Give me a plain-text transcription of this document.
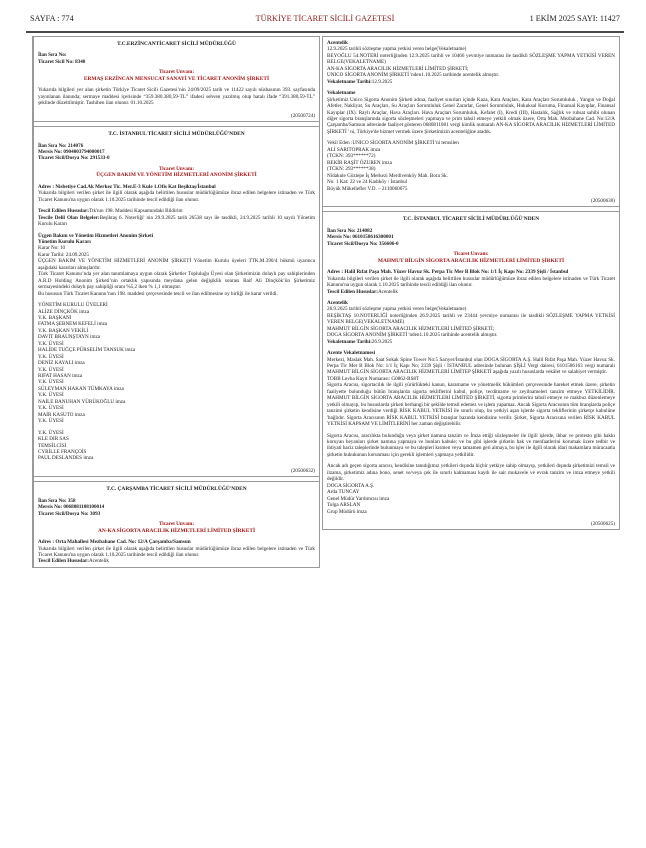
SAYFA : 774	TÜRKİYE TİCARET SİCİLİ GAZETESİ	1 EKİM 2025 SAYI: 11427
T.C.ERZİNCANTİCARET SİCİLİ MÜDÜRLÜĞÜ
İlan Sıra No:
Ticaret Sicil No: 8340
Ticaret Unvanı:
ERMAŞ ERZİNCAN MENSUCAT SANAYİ VE TİCARET ANONİM ŞİRKETİ
Yukarıda bilgileri yer alan şirketin Türkiye Ticaret Sicili Gazetesi’nin 24/09/2025 tarih ve 11422 sayılı nüshasının 393. sayfasında yayınlanan ilanında; sermaye maddesi içerisinde “359.380.380,59-TL” ifadesi sehven yazılmış olup hatalı ifade “391.380,59-TL” şeklinde düzeltilmiştir. Tashihen ilan olunur. 01.10.2025
(20500724)
T.C. İSTANBUL TİCARET SİCİLİ MÜDÜRLÜĞÜ'NDEN
İlan Sıra No: 214076
Mersis No: 0904003794000017
Ticaret Sicil/Dosya No: 291533-0
Ticaret Unvanı:
ÜÇGEN BAKIM VE YÖNETİM HİZMETLERİ ANONİM ŞİRKETİ
Adres : Nisbetiye Cad.Ak Merkez Tic. Mer.E-3 Kule 1.Ofis Kat Beşiktaş/İstanbul
Yukarıda bilgileri verilen şirket ile ilgili olarak aşağıda belirtilen hususlar müdürlüğümüze ibraz edilen belgelere istinaden ve Türk Ticaret Kanunu'na uygun olarak 1.10.2025 tarihinde tescil edildiği ilan olunur.
Tescil Edilen Hususlar:Ttk'nın 198. Maddesi Kapsamındaki Bildirim
Tescile Delil Olan Belgeler:Beşiktaş 6. Noterliği' nin 29.9.2025 tarih 26538 sayı ile tasdikli, 24.9.2025 tarihli 10 sayılı Yönetim Kurulu Kararı
Üçgen Bakım ve Yönetim Hizmetleri Anonim Şirketi
Yönetim Kurulu Kararı
Karar No: 10
Karar Tarihi: 24.09.2025
ÜÇGEN BAKIM VE YÖNETİM HİZMETLERİ ANONİM ŞİRKETİ Yönetim Kurulu üyeleri TTK.M.390/4 hükmü uyarınca aşağıdaki kararları almışlardır.
Türk Ticaret Kanunu’nda yer alan tanımlamaya uygun olarak Şirketler Topluluğu Üyesi olan Şirketimizin dolaylı pay sahiplerinden A.R.D Holding Anonim Şirketi’nin ortaklık yapısında meydana gelen değişiklik sonrası Raif Ali Dinçkök’ün Şirketimiz sermayesindeki dolaylı pay sahipliği oranı %5,2 iken % 1,1 olmuştur.
Bu hususun Türk Ticaret Kanunu’nun 198. maddesi çerçevesinde tescil ve ilan edilmesine oy birliği ile karar verildi.
YÖNETİM KURULU ÜYELERİ
ALİZE DİNÇKÖK imza
Y.K. BAŞKANI
FATMA ŞEBNEM KEFELİ imza
Y.K. BAŞKAN VEKİLİ
DAVİT BRAUNŞTAYN imza
Y.K. ÜYESİ
HALİDE TUĞÇE PÜRSELİM TANSUK imza
Y.K. ÜYESİ
DENİZ KAYALI imza
Y.K. ÜYESİ
RIFAT HASAN imza
Y.K. ÜYESİ
SÜLEYMAN HAKAN TÜMKAYA imza
Y.K. ÜYESİ
NAİLE BANUHAN YÜRÜKOĞLU imza
Y.K. ÜYESİ
MAİR KASUTO imza
Y.K. ÜYESİ
Y.K. ÜYESİ
KLE DIR SAS
TEMSİLCİSİ
CYRİLLE FRANÇOİS
PAUL DESLANDES imza
(20500632)
T.C. ÇARŞAMBA TİCARET SİCİLİ MÜDÜRLÜĞÜ'NDEN
İlan Sıra No: 358
Mersis No: 0068081108100014
Ticaret Sicil/Dosya No: 3093
Ticaret Unvanı:
AN-KA SİGORTA ARACILIK HİZMETLERİ LİMİTED ŞİRKETİ
Adres : Orta Mahallesi Mezbahane Cad. No: 12/A Çarşamba/Samsun
Yukarıda bilgileri verilen şirket ile ilgili olarak aşağıda belirtilen hususlar müdürlüğümüze ibraz edilen belgelere istinaden ve Türk Ticaret Kanunu'na uygun olarak 1.10.2025 tarihinde tescil edildiği ilan olunur.
Tescil Edilen Hususlar:Acentelik
Acentelik
12.9.2025 tarihli sözleşme yapma yetkisi veren belge(Vekaletname)
BEYOĞLU 54.NOTERİ noterliğinden 12.9.2025 tarihli ve 10466 yevmiye numarası ile tasdikli SÖZLEŞME YAPMA YETKİSİ VEREN BELGE(VEKALETNAME)
AN-KA SİGORTA ARACILIK HİZMETLERİ LİMİTED ŞİRKETİ;
UNICO SİGORTA ANONİM ŞİRKETİ 'nden1.10.2025 tarihinde acentelik almıştır.
Vekaletname Tarihi:12.9.2025
Vekaletname
Şirketimiz Unico Sigorta Anonim Şirketi adına, faaliyet sınırları içinde Kaza, Kara Araçları, Kara Araçları Sorumluluk , Yangın ve Doğal Afetler, Nakliyat, Su Araçları, Su Araçları Sorumluluk Genel Zararlar, Genel Sorumluluk, Hukuksal Koruma, Finansal Kayıplar, Finansal Kayıplar (IX). Raylı Araçlar, Hava Araçları. Hava Araçları Sorumluluk, Kefalet (I), Kredi (III), Hastalık, Sağlık ve ruhsat sahibi olunan diğer sigorta branşlarında sigorta sözleşmeleri yapmaya ve prim tahsil etmeye yetkili olmak üzere, Orta Mah. Mezbahane Cad. No:12/A Çarşamba/Samsun adresinde faaliyet gösteren 0680811081 vergi kimlik numaralı AN-KA SİGORTA ARACILIK HİZMETLERİ LİMİTED ŞİRKETİ ' ni, Türkiye'de hizmet vermek üzere Şirketimizin acenteliğine atadık.
Vekil Eden :UNICO SİGORTA ANONİM ŞİRKETİ’ni temsilen
ALİ SARITOPRAK imza
(TCKN: 393******72)
BEKİR RAŞİT ÖZUREN imza
(TCKN: 293******38)
Nidakule Göztepe İş Merkezi Merdivenköy Mah. Bora Sk.
No. 1 Kat: 22 ve 24 Kadıköy / İstanbul
Büyük Mükellefler V.D. – 2110060675
(20500630)
T.C. İSTANBUL TİCARET SİCİLİ MÜDÜRLÜĞÜ'NDEN
İlan Sıra No: 214082
Mersis No: 0610158616300001
Ticaret Sicil/Dosya No: 356606-0
Ticaret Unvanı:
MAHMUT BİLGİN SİGORTA ARACILIK HİZMETLERİ LİMİTED ŞİRKETİ
Adres : Halil Rıfat Paşa Mah. Yüzer Havuz Sk. Perpa Tic Mer B Blok No: 1/1 İç Kapı No: 2339 Şişli / İstanbul
Yukarıda bilgileri verilen şirket ile ilgili olarak aşağıda belirtilen hususlar müdürlüğümüze ibraz edilen belgelere istinaden ve Türk Ticaret Kanunu'na uygun olarak 1.10.2025 tarihinde tescil edildiği ilan olunur.
Tescil Edilen Hususlar:Acentelik
Acentelik
26.9.2025 tarihli sözleşme yapma yetkisi veren belge(Vekaletname)
BEŞİKTAŞ 10.NOTERLİĞİ noterliğinden 26.9.2025 tarihli ve 23444 yevmiye numarası ile tasdikli SÖZLEŞME YAPMA YETKİSİ VEREN BELGE(VEKALETNAME)
MAHMUT BİLGİN SİGORTA ARACILIK HİZMETLERİ LİMİTED ŞİRKETİ;
DOGA SİGORTA ANONİM ŞİRKETİ 'nden1.10.2025 tarihinde acentelik almıştır.
Vekaletname Tarihi:26.9.2025
Acente Vekaletnamesi
Merkezi, Maslak Mah. Saat Sokak Spine Tower No:5 Sarıyer/İstanbul olan DOGA SİGORTA A.Ş. Halil Rıfat Paşa Mah. Yüzer Havuz Sk. Perpa Tic Mer B Blok No: 1/1 İç Kapı No; 2339 Şişli / İSTANBUL adresinde bulunan ŞİŞLİ Vergi dairesi, 6101586163 vergi numaralı MAHMUT BİLGİN SİGORTA ARACILIK HİZMETLERİ LİMİTEP ŞİRKETİ aşağıda yazılı hususlarda vekâlet ve salahiyet vermiştir.
TOBB Levha Kayıt Numarası: G0862-RS8T
Sigorta Aracısı, sigortacılık ile ilgili yürürlükteki kanun, kararname ve yönetmelik hükümleri çerçevesinde hareket etmek üzere, şirketin faaliyette bulunduğu bütün branşlarda sigorta tekliflerini kabul, poliçe, tecditname ve zeyilnameleri tanzim etmeye YETKİLİDİR. MAHMUT BİLGİN SİGORTA ARACILIK HİZMETLERİ LİMİTED ŞİRKETİ, sigorta primlerini tahsil etmeye ve makbuz düzenlemeye yetkili olmayıp, bu hususlarda şirketi herhangi bir şekilde temsil edemez ve işlem yapamaz. Ancak Sigorta Aracısının tüm branşlarda poliçe tanzimi şirketin kendisine verdiği RİSK KABUL YETKİSİ ile sınırlı olup, bu yetkiyi aşan işlerde sigorta tekliflerinin şirketçe kabulüne 'bağlıdır. Sigorta Aracısının RİSK KABUL YETKİSİ branşlar bazında kendisine verilir. Şirket, Sigorta Aracısına verilen RİSK KABUL YETKİSİ KAPSAM VE LİMİTLERİNİ her zaman değiştirebilir.
Sigorta Aracısı, aracılıkta bulunduğu veya şirket namına tanzim ve İmza ettiği sözleşmeler ile ilgili işlerde, ihbar ve protesto gibi hakkı koruyan beyanları şirket namına yapmaya ve bunları kabule; ve bu gibi işlerde şirketin hak ve menfaatlerini korumak üzere tedbir ve ihtiyati haciz taleplerinde bulunmaya ve bu talepleri kısmen veya tamamen geri almaya, bu işler ile ilgili olarak idari makamlara müracaatla şirketin hukukunun korunması için gerekli işlemleri yapmaya yetkilidir.
Ancak adı geçen sigorta aracısı, kendisine tanıdığımız yetkileri dışında hiçbir yetkiye sahip olmayıp, yetkileri dışında şirketimizi temsil ve ilzama, şirketimiz adına bono, senet ve/veya çek ile sınırlı kalmaması kaydı ile sair mukavele ve evrak tanzim ve imza etmeye yetkili değildir.
DOGA SİGORTA A.Ş.
Arda TUNCAY
Genel Müdür Yardımcısı imza
Tolga ARSLAN
Grup Müdürü imza
(20500625)
